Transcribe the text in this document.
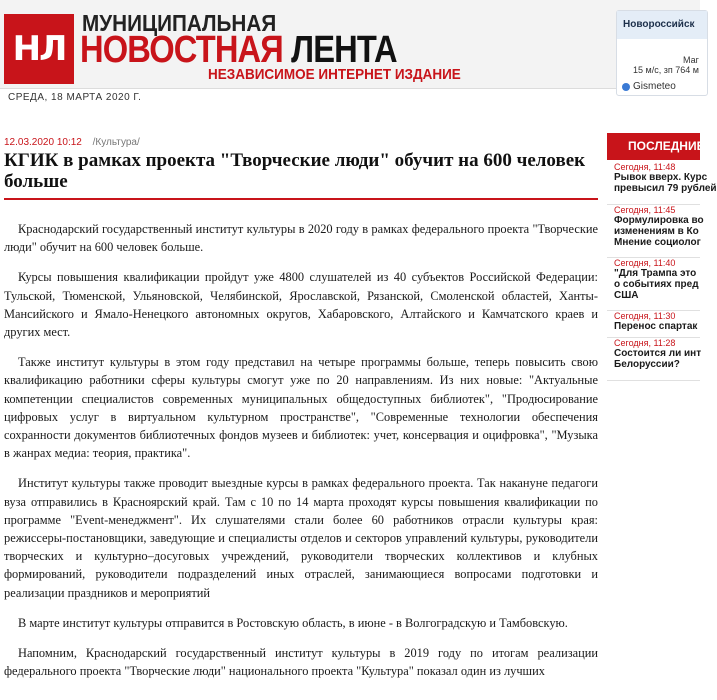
НЛ
МУНИЦИПАЛЬНАЯ
НОВОСТНАЯ ЛЕНТА
НЕЗАВИСИМОЕ ИНТЕРНЕТ ИЗДАНИЕ
СРЕДА, 18 МАРТА 2020 Г.
Новороссийск
Маг
15 м/с, зп 764 м
Gismeteo
12.03.2020 10:12 /Культура/
КГИК в рамках проекта "Творческие люди" обучит на 600 человек больше

Краснодарский государственный институт культуры в 2020 году в рамках федерального проекта "Творческие люди" обучит на 600 человек больше.

Курсы повышения квалификации пройдут уже 4800 слушателей из 40 субъектов Российской Федерации: Тульской, Тюменской, Ульяновской, Челябинской, Ярославской, Рязанской, Смоленской областей, Ханты-Мансийского и Ямало-Ненецкого автономных округов, Хабаровского, Алтайского и Камчатского краев и других мест.

Также институт культуры в этом году представил на четыре программы больше, теперь повысить свою квалификацию работники сферы культуры смогут уже по 20 направлениям. Из них новые: "Актуальные компетенции специалистов современных муниципальных общедоступных библиотек", "Продюсирование цифровых услуг в виртуальном культурном пространстве", "Современные технологии обеспечения сохранности документов библиотечных фондов музеев и библиотек: учет, консервация и оцифровка", "Музыка в жанрах медиа: теория, практика".

Институт культуры также проводит выездные курсы в рамках федерального проекта. Так накануне педагоги вуза отправились в Красноярский край. Там с 10 по 14 марта проходят курсы повышения квалификации по программе "Event-менеджмент". Их слушателями стали более 60 работников отрасли культуры края: режиссеры-постановщики, заведующие и специалисты отделов и секторов управлений культуры, руководители творческих и культурно–досуговых учреждений, руководители творческих коллективов и клубных формирований, руководители подразделений иных отраслей, занимающиеся вопросами подготовки и реализации праздников и мероприятий

В марте институт культуры отправится в Ростовскую область, в июне - в Волгоградскую и Тамбовскую.

Напомним, Краснодарский государственный институт культуры в 2019 году по итогам реализации федерального проекта "Творческие люди" национального проекта "Культура" показал один из лучших

ПОСЛЕДНИЕ
Сегодня, 11:48
Рывок вверх. Курс
превысил 79 рублей
Сегодня, 11:45
Формулировка во
изменениям в Ко
Мнение социолог
Сегодня, 11:40
"Для Трампа это
о событиях пред
США
Сегодня, 11:30
Перенос спартак
Сегодня, 11:28
Состоится ли инт
Белоруссии?
